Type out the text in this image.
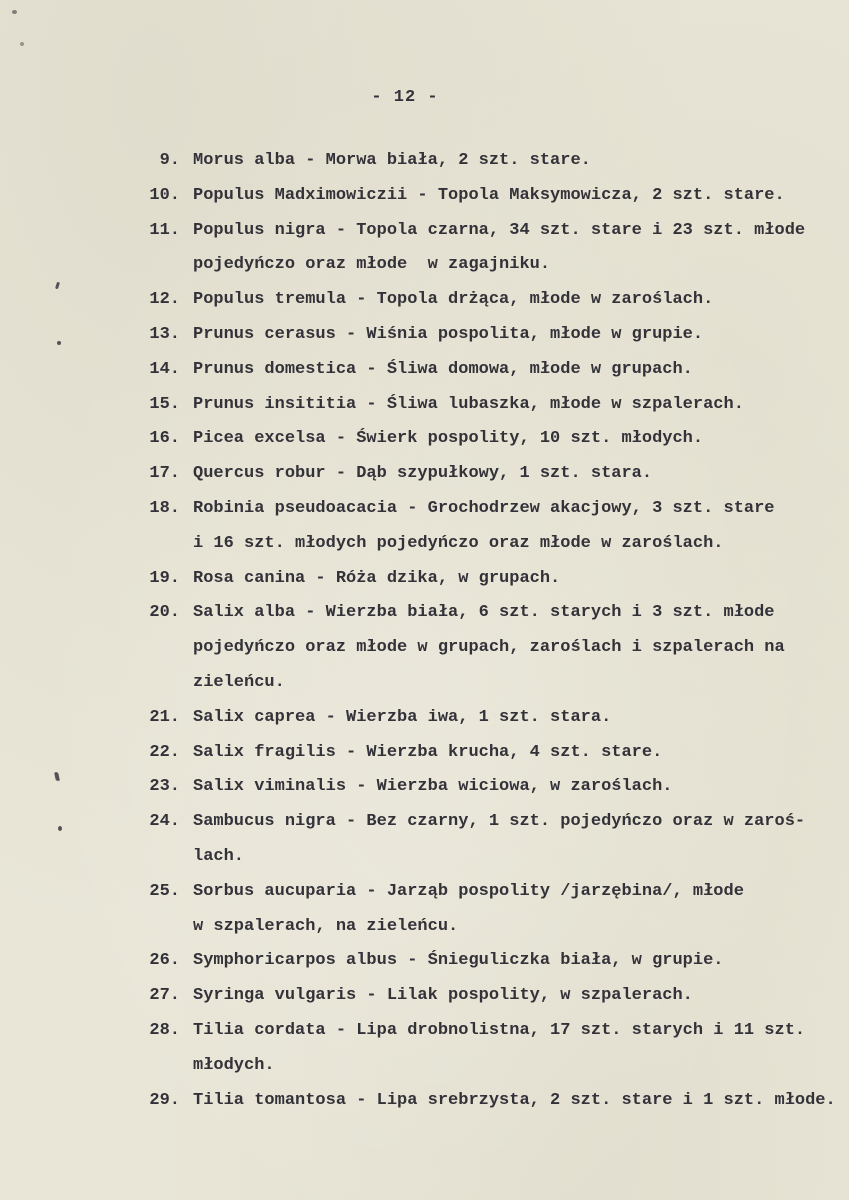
- 12 -
9. Morus alba - Morwa biała, 2 szt. stare.
10. Populus Madximowiczii - Topola Maksymowicza, 2 szt. stare.
11. Populus nigra - Topola czarna, 34 szt. stare i 23 szt. młode
pojedyńczo oraz młode  w zagajniku.
12. Populus tremula - Topola drżąca, młode w zaroślach.
13. Prunus cerasus - Wiśnia pospolita, młode w grupie.
14. Prunus domestica - Śliwa domowa, młode w grupach.
15. Prunus insititia - Śliwa lubaszka, młode w szpalerach.
16. Picea excelsa - Świerk pospolity, 10 szt. młodych.
17. Quercus robur - Dąb szypułkowy, 1 szt. stara.
18. Robinia pseudoacacia - Grochodrzew akacjowy, 3 szt. stare
i 16 szt. młodych pojedyńczo oraz młode w zaroślach.
19. Rosa canina - Róża dzika, w grupach.
20. Salix alba - Wierzba biała, 6 szt. starych i 3 szt. młode
pojedyńczo oraz młode w grupach, zaroślach i szpalerach na
zieleńcu.
21. Salix caprea - Wierzba iwa, 1 szt. stara.
22. Salix fragilis - Wierzba krucha, 4 szt. stare.
23. Salix viminalis - Wierzba wiciowa, w zaroślach.
24. Sambucus nigra - Bez czarny, 1 szt. pojedyńczo oraz w zaroś-
lach.
25. Sorbus aucuparia - Jarząb pospolity /jarzębina/, młode
w szpalerach, na zieleńcu.
26. Symphoricarpos albus - Śnieguliczka biała, w grupie.
27. Syringa vulgaris - Lilak pospolity, w szpalerach.
28. Tilia cordata - Lipa drobnolistna, 17 szt. starych i 11 szt.
młodych.
29. Tilia tomantosa - Lipa srebrzysta, 2 szt. stare i 1 szt. młode.
